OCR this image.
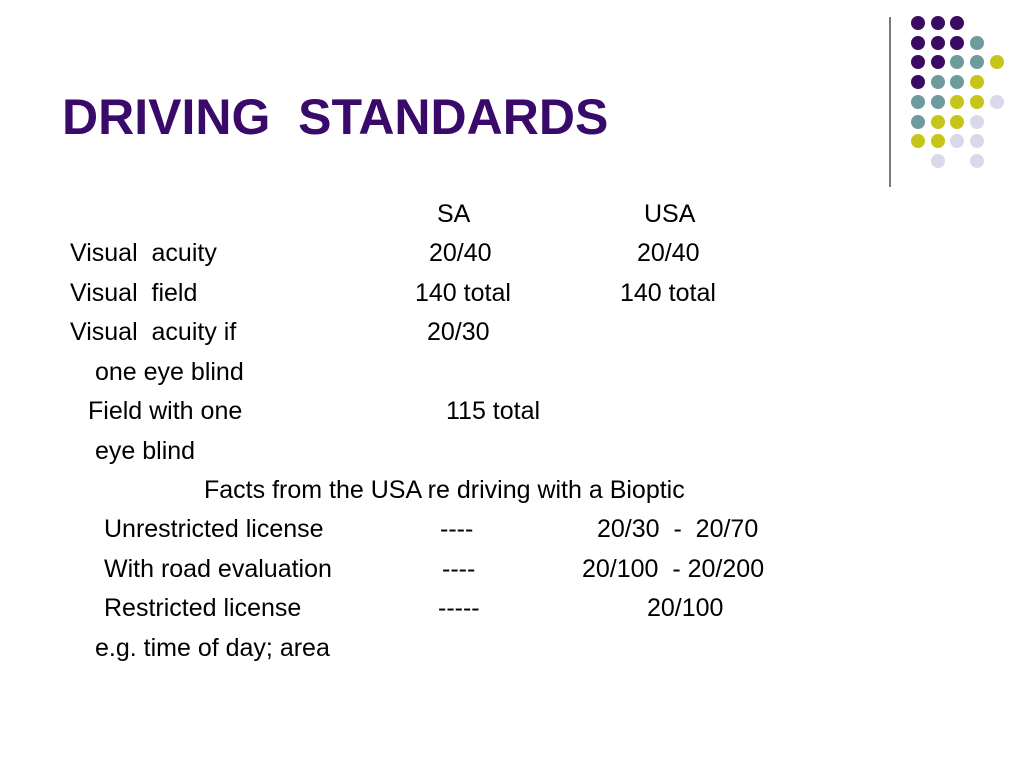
DRIVING  STANDARDS
SA	USA
Visual  acuity	20/40	20/40
Visual  field	140 total	140 total
Visual  acuity if	20/30
one eye blind
Field with one	115 total
eye blind
Facts from the USA re driving with a Bioptic
Unrestricted license	----	20/30  -  20/70
With road evaluation	----	20/100  - 20/200
Restricted license	-----	20/100
e.g. time of day; area
